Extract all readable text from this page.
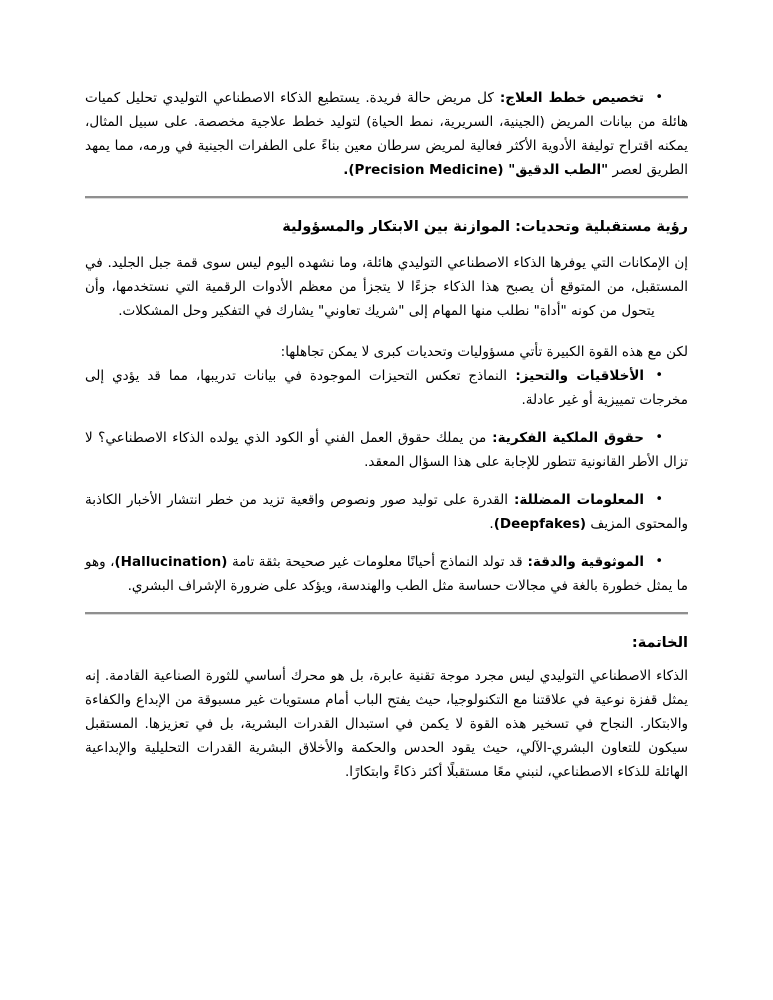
•
تخصيص خطط العلاج: كل مريض حالة فريدة. يستطيع الذكاء الاصطناعي التوليدي تحليل كميات هائلة من بيانات المريض (الجينية، السريرية، نمط الحياة) لتوليد خطط علاجية مخصصة. على سبيل المثال، يمكنه اقتراح توليفة الأدوية الأكثر فعالية لمريض سرطان معين بناءً على الطفرات الجينية في ورمه، مما يمهد الطريق لعصر "الطب الدقيق" (Precision Medicine).
رؤية مستقبلية وتحديات: الموازنة بين الابتكار والمسؤولية

إن الإمكانات التي يوفرها الذكاء الاصطناعي التوليدي هائلة، وما نشهده اليوم ليس سوى قمة جبل الجليد. في المستقبل، من المتوقع أن يصبح هذا الذكاء جزءًا لا يتجزأ من معظم الأدوات الرقمية التي نستخدمها، وأن يتحول من كونه "أداة" نطلب منها المهام إلى "شريك تعاوني" يشارك في التفكير وحل المشكلات.

لكن مع هذه القوة الكبيرة تأتي مسؤوليات وتحديات كبرى لا يمكن تجاهلها:

•
الأخلاقيات والتحيز: النماذج تعكس التحيزات الموجودة في بيانات تدريبها، مما قد يؤدي إلى مخرجات تمييزية أو غير عادلة.
•
حقوق الملكية الفكرية: من يملك حقوق العمل الفني أو الكود الذي يولده الذكاء الاصطناعي؟ لا تزال الأطر القانونية تتطور للإجابة على هذا السؤال المعقد.
•
المعلومات المضللة: القدرة على توليد صور ونصوص واقعية تزيد من خطر انتشار الأخبار الكاذبة والمحتوى المزيف (Deepfakes).
•
الموثوقية والدقة: قد تولد النماذج أحيانًا معلومات غير صحيحة بثقة تامة (Hallucination)، وهو ما يمثل خطورة بالغة في مجالات حساسة مثل الطب والهندسة، ويؤكد على ضرورة الإشراف البشري.
الخاتمة:

الذكاء الاصطناعي التوليدي ليس مجرد موجة تقنية عابرة، بل هو محرك أساسي للثورة الصناعية القادمة. إنه يمثل قفزة نوعية في علاقتنا مع التكنولوجيا، حيث يفتح الباب أمام مستويات غير مسبوقة من الإبداع والكفاءة والابتكار. النجاح في تسخير هذه القوة لا يكمن في استبدال القدرات البشرية، بل في تعزيزها. المستقبل سيكون للتعاون البشري-الآلي، حيث يقود الحدس والحكمة والأخلاق البشرية القدرات التحليلية والإبداعية الهائلة للذكاء الاصطناعي، لنبني معًا مستقبلًا أكثر ذكاءً وابتكارًا.
